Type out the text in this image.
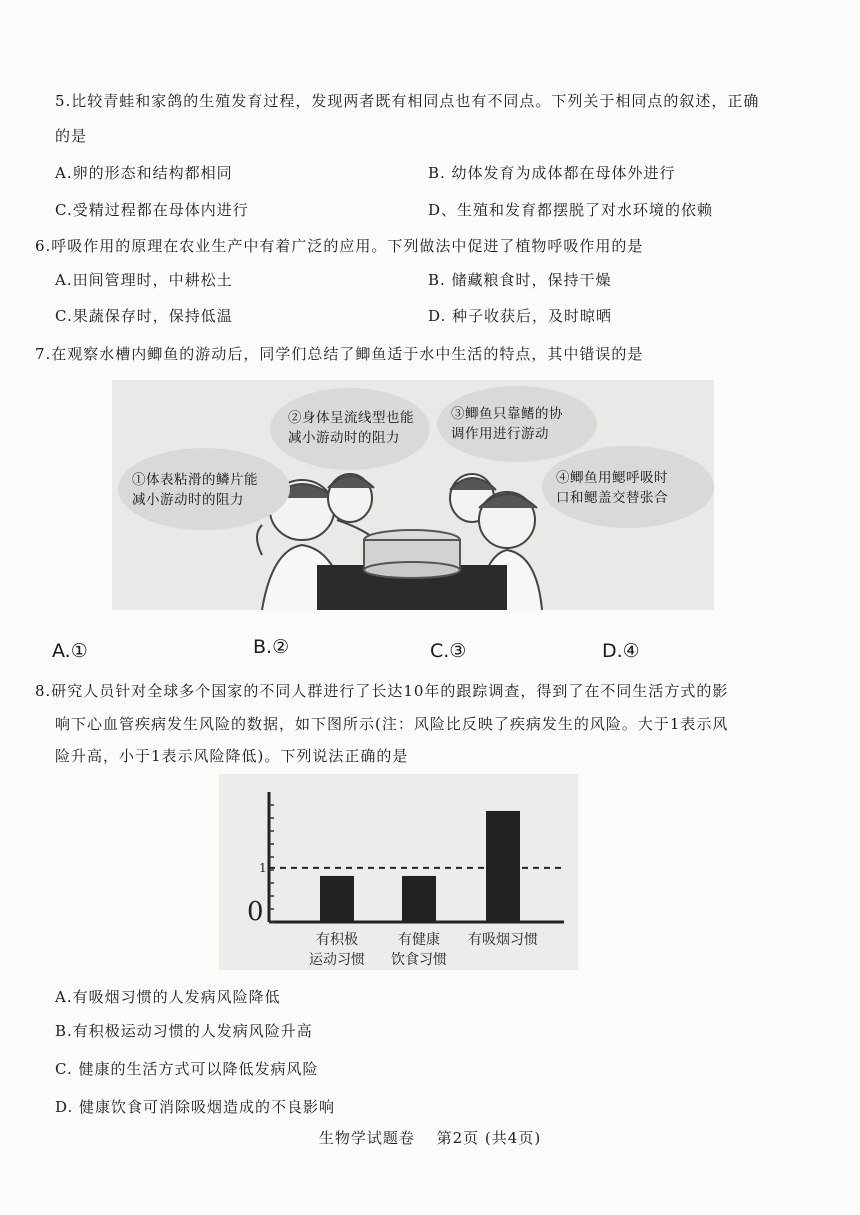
5.比较青蛙和家鸽的生殖发育过程，发现两者既有相同点也有不同点。下列关于相同点的叙述，正确
的是
A.卵的形态和结构都相同	B. 幼体发育为成体都在母体外进行
C.受精过程都在母体内进行	D、生殖和发育都摆脱了对水环境的依赖
6.呼吸作用的原理在农业生产中有着广泛的应用。下列做法中促进了植物呼吸作用的是
A.田间管理时，中耕松土	B. 储藏粮食时，保持干燥
C.果蔬保存时，保持低温	D. 种子收获后，及时晾晒
7.在观察水槽内鲫鱼的游动后，同学们总结了鲫鱼适于水中生活的特点，其中错误的是
②身体呈流线型也能
减小游动时的阻力
③鲫鱼只靠鳍的协
调作用进行游动
①体表粘滑的鳞片能
减小游动时的阻力
④鲫鱼用鳃呼吸时
口和鳃盖交替张合
A.①	B.②	C.③	D.④
8.研究人员针对全球多个国家的不同人群进行了长达10年的跟踪调查，得到了在不同生活方式的影
响下心血管疾病发生风险的数据，如下图所示(注：风险比反映了疾病发生的风险。大于1表示风
险升高，小于1表示风险降低)。下列说法正确的是
0
1
有积极
运动习惯
有健康
饮食习惯
有吸烟习惯
A.有吸烟习惯的人发病风险降低
B.有积极运动习惯的人发病风险升高
C. 健康的生活方式可以降低发病风险
D. 健康饮食可消除吸烟造成的不良影响
生物学试题卷 第2页 (共4页)
